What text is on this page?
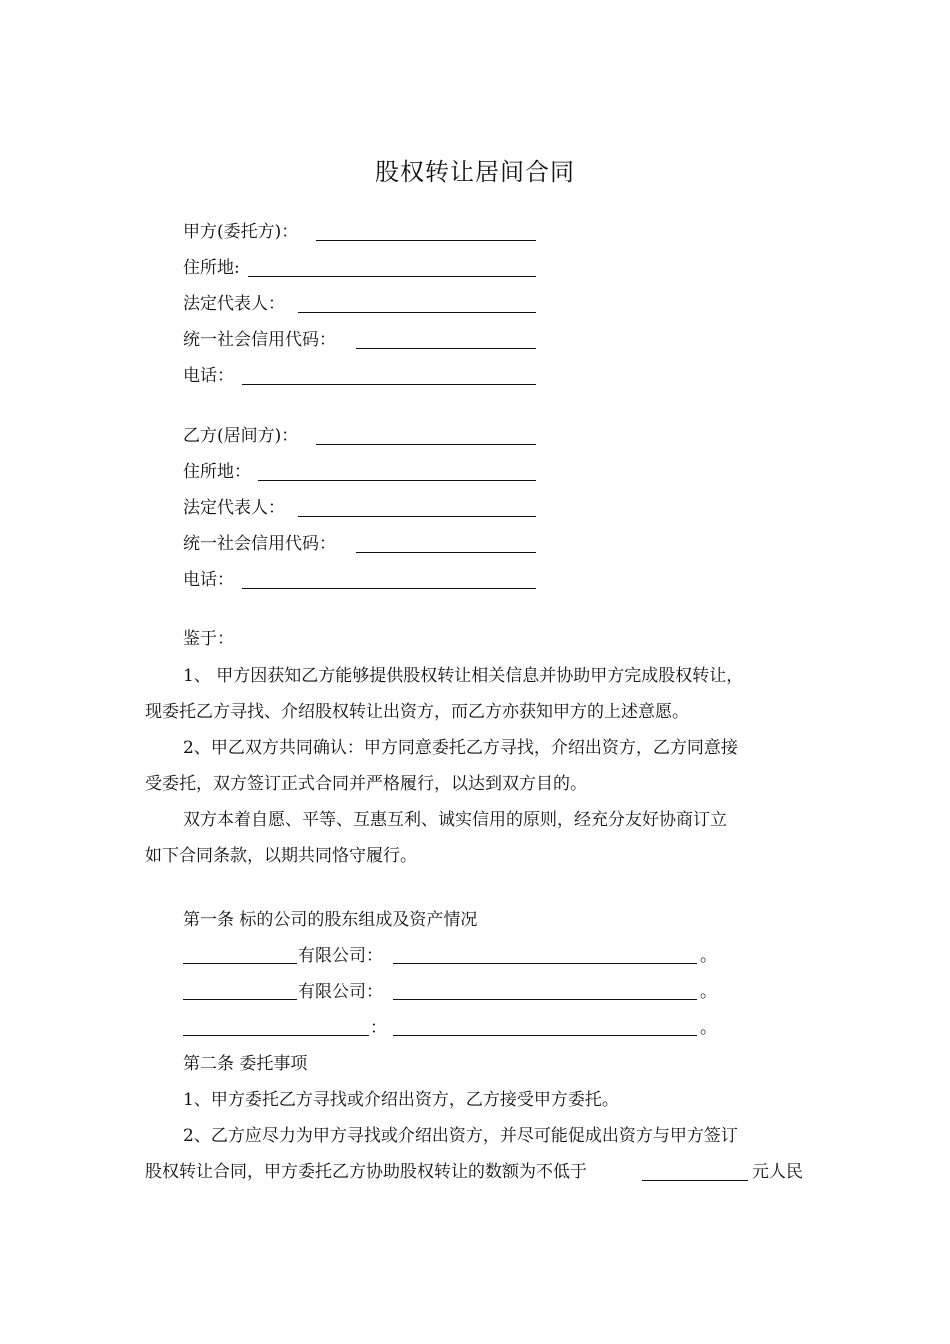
股权转让居间合同
甲方(委托方)：
住所地:
法定代表人：
统一社会信用代码：
电话：
乙方(居间方)：
住所地：
法定代表人：
统一社会信用代码：
电话：
鉴于：
1、 甲方因获知乙方能够提供股权转让相关信息并协助甲方完成股权转让，
现委托乙方寻找、介绍股权转让出资方，而乙方亦获知甲方的上述意愿。
2、甲乙双方共同确认：甲方同意委托乙方寻找，介绍出资方，乙方同意接
受委托，双方签订正式合同并严格履行，以达到双方目的。
双方本着自愿、平等、互惠互利、诚实信用的原则，经充分友好协商订立
如下合同条款，以期共同恪守履行。
第一条 标的公司的股东组成及资产情况
有限公司：	。
有限公司：	。
：	。
第二条 委托事项
1、甲方委托乙方寻找或介绍出资方，乙方接受甲方委托。
2、乙方应尽力为甲方寻找或介绍出资方，并尽可能促成出资方与甲方签订
股权转让合同，甲方委托乙方协助股权转让的数额为不低于	元人民
